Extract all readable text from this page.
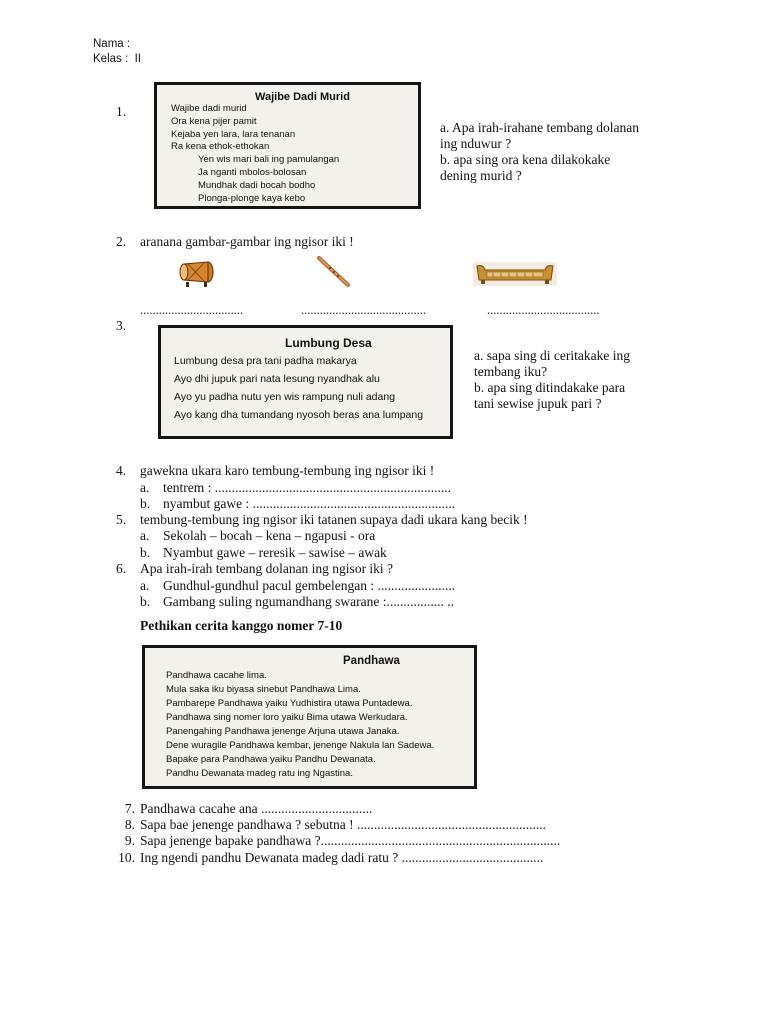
Nama :
Kelas : II
1.
Wajibe Dadi Murid
Wajibe dadi murid
Ora kena pijer pamit
Kejaba yen lara, lara tenanan
Ra kena ethok-ethokan
Yen wis mari bali ing pamulangan
Ja nganti mbolos-bolosan
Mundhak dadi bocah bodho
Plonga-plonge kaya kebo
a. Apa irah-irahane tembang dolanan
ing nduwur ?
b. apa sing ora kena dilakokake
dening murid ?
2. aranana gambar-gambar ing ngisor iki !
.................................	........................................	....................................
3.
Lumbung Desa
Lumbung desa pra tani padha makarya
Ayo dhi jupuk pari nata lesung nyandhak alu
Ayo yu padha nutu yen wis rampung nuli adang
Ayo kang dha tumandang nyosoh beras ana lumpang
a. sapa sing di ceritakake ing
tembang iku?
b. apa sing ditindakake para
tani sewise jupuk pari ?
4. gawekna ukara karo tembung-tembung ing ngisor iki !
a. tentrem : ......................................................................
b. nyambut gawe : ............................................................
5. tembung-tembung ing ngisor iki tatanen supaya dadi ukara kang becik !
a. Sekolah – bocah – kena – ngapusi - ora
b. Nyambut gawe – reresik – sawise – awak
6. Apa irah-irah tembang dolanan ing ngisor iki ?
a. Gundhul-gundhul pacul gembelengan : .......................
b. Gambang suling ngumandhang swarane :................. ..
Pethikan cerita kanggo nomer 7-10
Pandhawa
Pandhawa cacahe lima.
Mula saka iku biyasa sinebut Pandhawa Lima.
Pambarepe Pandhawa yaiku Yudhistira utawa Puntadewa.
Pandhawa sing nomer loro yaiku Bima utawa Werkudara.
Panengahing Pandhawa jenenge Arjuna utawa Janaka.
Dene wuragile Pandhawa kembar, jenenge Nakula lan Sadewa.
Bapake para Pandhawa yaiku Pandhu Dewanata.
Pandhu Dewanata madeg ratu ing Ngastina.
7. Pandhawa cacahe ana .................................
8. Sapa bae jenenge pandhawa ? sebutna ! ........................................................
9. Sapa jenenge bapake pandhawa ?.......................................................................
10. Ing ngendi pandhu Dewanata madeg dadi ratu ? ..........................................
